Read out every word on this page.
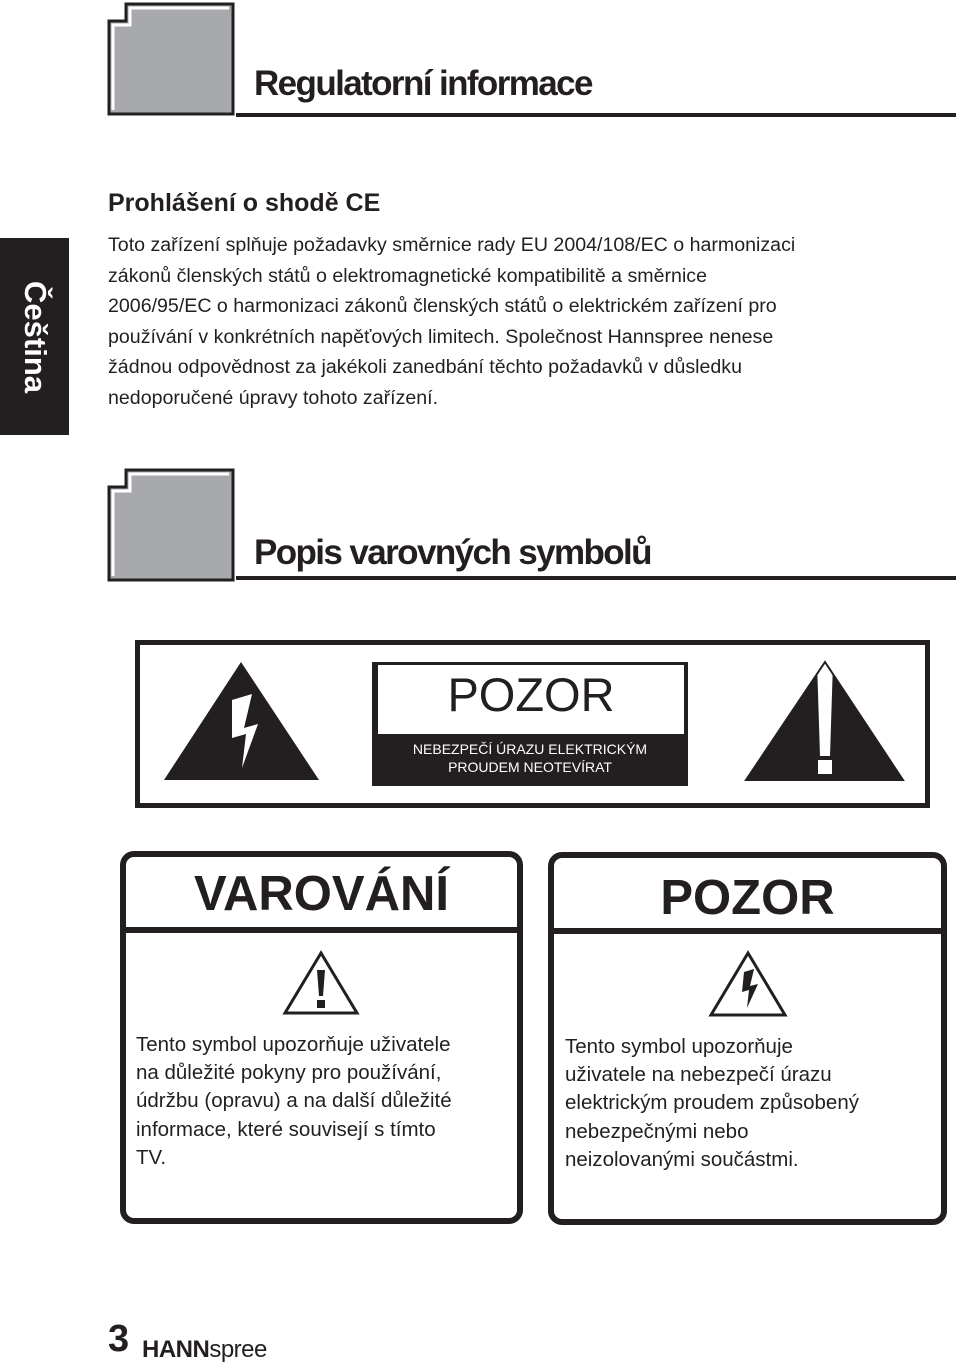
Čeština
Regulatorní informace
Prohlášení o shodě CE
Toto zařízení splňuje požadavky směrnice rady EU 2004/108/EC o harmonizaci
zákonů členských států o elektromagnetické kompatibilitě a směrnice
2006/95/EC o harmonizaci zákonů členských států o elektrickém zařízení pro
používání v konkrétních napěťových limitech. Společnost Hannspree nenese
žádnou odpovědnost za jakékoli zanedbání těchto požadavků v důsledku
nedoporučené úpravy tohoto zařízení.
Popis varovných symbolů
POZOR
NEBEZPEČÍ ÚRAZU ELEKTRICKÝM
PROUDEM NEOTEVÍRAT
VAROVÁNÍ
Tento symbol upozorňuje uživatele
na důležité pokyny pro používání,
údržbu (opravu) a na další důležité
informace, které souvisejí s tímto
TV.
POZOR
Tento symbol upozorňuje
uživatele na nebezpečí úrazu
elektrickým proudem způsobený
nebezpečnými nebo
neizolovanými součástmi.
3 HANNspree
